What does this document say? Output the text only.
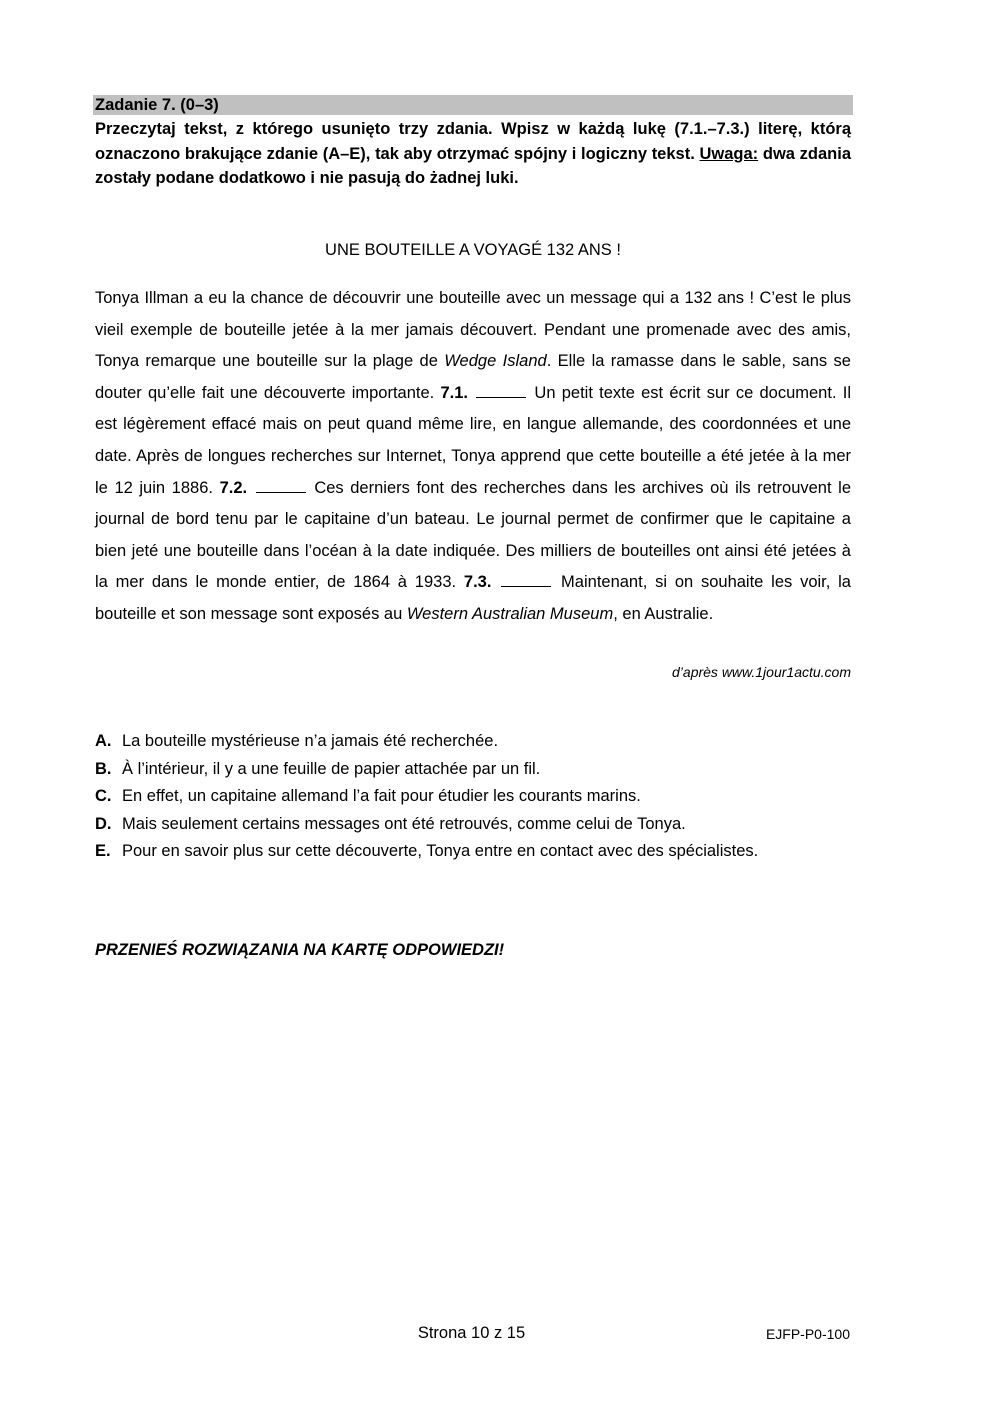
Zadanie 7. (0–3)
Przeczytaj tekst, z którego usunięto trzy zdania. Wpisz w każdą lukę (7.1.–7.3.) literę, którą oznaczono brakujące zdanie (A–E), tak aby otrzymać spójny i logiczny tekst. Uwaga: dwa zdania zostały podane dodatkowo i nie pasują do żadnej luki.
UNE BOUTEILLE A VOYAGÉ 132 ANS !
Tonya Illman a eu la chance de découvrir une bouteille avec un message qui a 132 ans ! C’est le plus vieil exemple de bouteille jetée à la mer jamais découvert. Pendant une promenade avec des amis, Tonya remarque une bouteille sur la plage de Wedge Island. Elle la ramasse dans le sable, sans se douter qu’elle fait une découverte importante. 7.1.	Un petit texte est écrit sur ce document. Il est légèrement effacé mais on peut quand même lire, en langue allemande, des coordonnées et une date. Après de longues recherches sur Internet, Tonya apprend que cette bouteille a été jetée à la mer le 12 juin 1886. 7.2.	Ces derniers font des recherches dans les archives où ils retrouvent le journal de bord tenu par le capitaine d’un bateau. Le journal permet de confirmer que le capitaine a bien jeté une bouteille dans l’océan à la date indiquée. Des milliers de bouteilles ont ainsi été jetées à la mer dans le monde entier, de 1864 à 1933. 7.3.	Maintenant, si on souhaite les voir, la bouteille et son message sont exposés au Western Australian Museum, en Australie.
d’après www.1jour1actu.com
A. La bouteille mystérieuse n’a jamais été recherchée.
B. À l’intérieur, il y a une feuille de papier attachée par un fil.
C. En effet, un capitaine allemand l’a fait pour étudier les courants marins.
D. Mais seulement certains messages ont été retrouvés, comme celui de Tonya.
E. Pour en savoir plus sur cette découverte, Tonya entre en contact avec des spécialistes.
PRZENIEŚ ROZWIĄZANIA NA KARTĘ ODPOWIEDZI!
Strona 10 z 15	EJFP-P0-100
